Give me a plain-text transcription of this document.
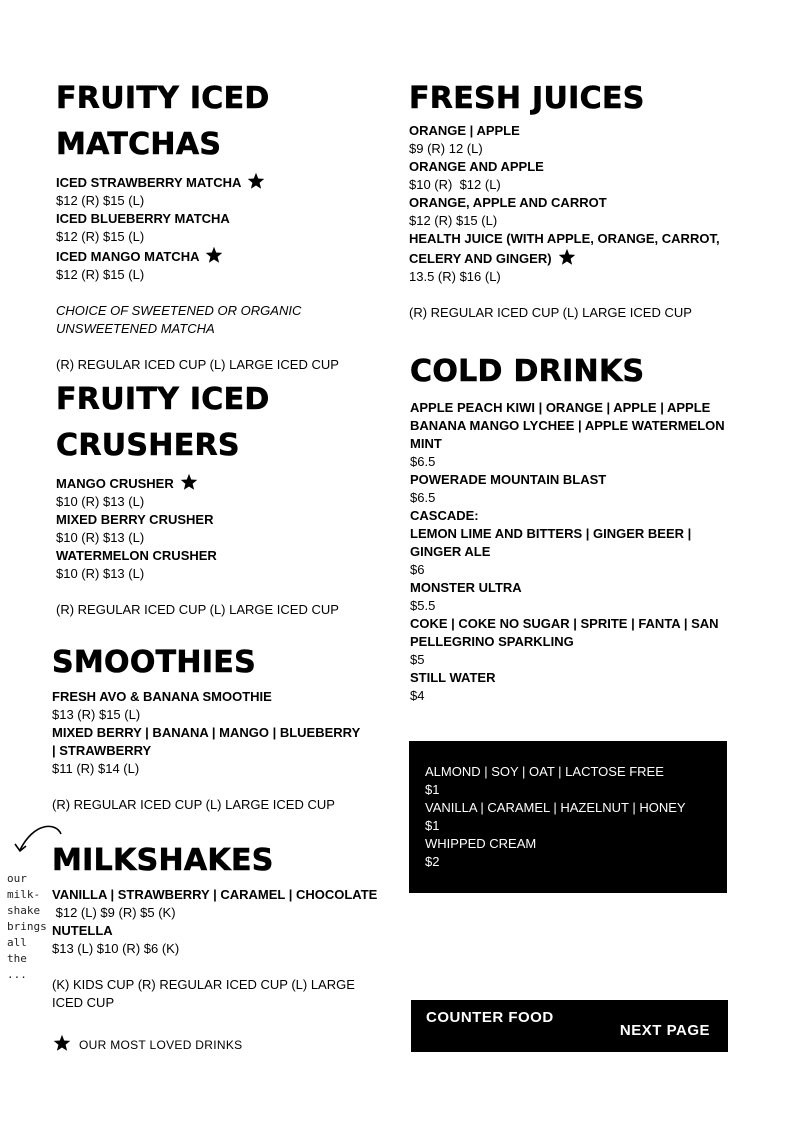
FRUITY ICED
MATCHAS
ICED STRAWBERRY MATCHA
$12 (R) $15 (L)
ICED BLUEBERRY MATCHA
$12 (R) $15 (L)
ICED MANGO MATCHA
$12 (R) $15 (L)
CHOICE OF SWEETENED OR ORGANIC
UNSWEETENED MATCHA
(R) REGULAR ICED CUP (L) LARGE ICED CUP
FRUITY ICED
CRUSHERS
MANGO CRUSHER
$10 (R) $13 (L)
MIXED BERRY CRUSHER
$10 (R) $13 (L)
WATERMELON CRUSHER
$10 (R) $13 (L)
(R) REGULAR ICED CUP (L) LARGE ICED CUP
SMOOTHIES
FRESH AVO & BANANA SMOOTHIE
$13 (R) $15 (L)
MIXED BERRY | BANANA | MANGO | BLUEBERRY | STRAWBERRY
$11 (R) $14 (L)
(R) REGULAR ICED CUP (L) LARGE ICED CUP
our
milk-
shake
brings
all the
...
MILKSHAKES
VANILLA | STRAWBERRY | CARAMEL | CHOCOLATE
$12 (L) $9 (R) $5 (K)
NUTELLA
$13 (L) $10 (R) $6 (K)
(K) KIDS CUP (R) REGULAR ICED CUP (L) LARGE ICED CUP
OUR MOST LOVED DRINKS
FRESH JUICES
ORANGE | APPLE
$9 (R) 12 (L)
ORANGE AND APPLE
$10 (R)  $12 (L)
ORANGE, APPLE AND CARROT
$12 (R) $15 (L)
HEALTH JUICE (WITH APPLE, ORANGE, CARROT, CELERY AND GINGER)
13.5 (R) $16 (L)
(R) REGULAR ICED CUP (L) LARGE ICED CUP
COLD DRINKS
APPLE PEACH KIWI | ORANGE | APPLE | APPLE BANANA MANGO LYCHEE | APPLE WATERMELON MINT
$6.5
POWERADE MOUNTAIN BLAST
$6.5
CASCADE:
LEMON LIME AND BITTERS | GINGER BEER | GINGER ALE
$6
MONSTER ULTRA
$5.5
COKE | COKE NO SUGAR | SPRITE | FANTA | SAN PELLEGRINO SPARKLING
$5
STILL WATER
$4
ALMOND | SOY | OAT | LACTOSE FREE
$1
VANILLA | CARAMEL | HAZELNUT | HONEY
$1
WHIPPED CREAM
$2
COUNTER FOOD
NEXT PAGE
